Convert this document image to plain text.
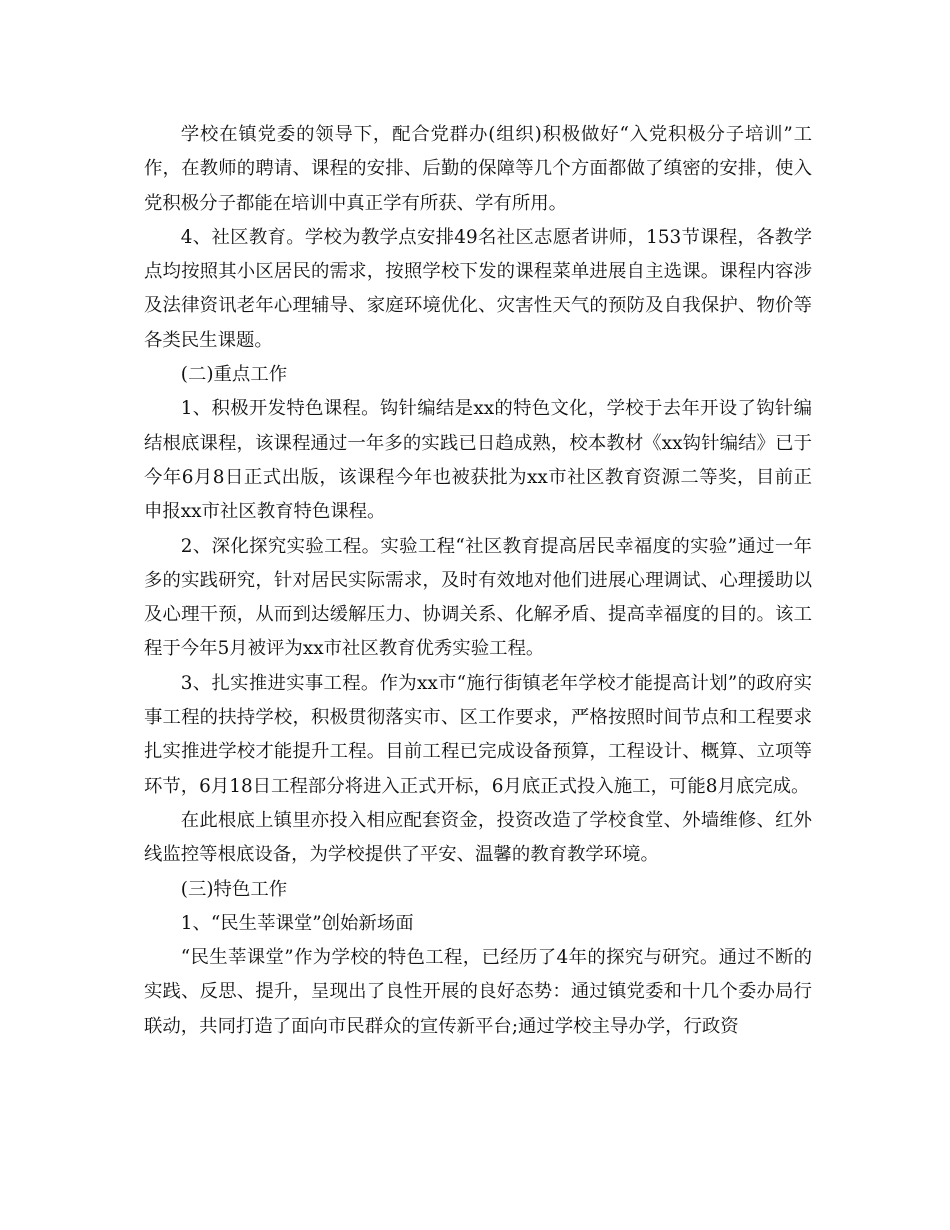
学校在镇党委的领导下，配合党群办(组织)积极做好“入党积极分子培训”工作，在教师的聘请、课程的安排、后勤的保障等几个方面都做了缜密的安排，使入党积极分子都能在培训中真正学有所获、学有所用。

4、社区教育。学校为教学点安排49名社区志愿者讲师，153节课程，各教学点均按照其小区居民的需求，按照学校下发的课程菜单进展自主选课。课程内容涉及法律资讯老年心理辅导、家庭环境优化、灾害性天气的预防及自我保护、物价等各类民生课题。

(二)重点工作

1、积极开发特色课程。钩针编结是xx的特色文化，学校于去年开设了钩针编结根底课程，该课程通过一年多的实践已日趋成熟，校本教材《xx钩针编结》已于今年6月8日正式出版，该课程今年也被获批为xx市社区教育资源二等奖，目前正申报xx市社区教育特色课程。

2、深化探究实验工程。实验工程“社区教育提高居民幸福度的实验”通过一年多的实践研究，针对居民实际需求，及时有效地对他们进展心理调试、心理援助以及心理干预，从而到达缓解压力、协调关系、化解矛盾、提高幸福度的目的。该工程于今年5月被评为xx市社区教育优秀实验工程。

3、扎实推进实事工程。作为xx市“施行街镇老年学校才能提高计划”的政府实事工程的扶持学校，积极贯彻落实市、区工作要求，严格按照时间节点和工程要求扎实推进学校才能提升工程。目前工程已完成设备预算，工程设计、概算、立项等环节，6月18日工程部分将进入正式开标，6月底正式投入施工，可能8月底完成。

在此根底上镇里亦投入相应配套资金，投资改造了学校食堂、外墙维修、红外线监控等根底设备，为学校提供了平安、温馨的教育教学环境。

(三)特色工作

1、“民生莘课堂”创始新场面

“民生莘课堂”作为学校的特色工程，已经历了4年的探究与研究。通过不断的实践、反思、提升，呈现出了良性开展的良好态势：通过镇党委和十几个委办局行联动，共同打造了面向市民群众的宣传新平台;通过学校主导办学，行政资
